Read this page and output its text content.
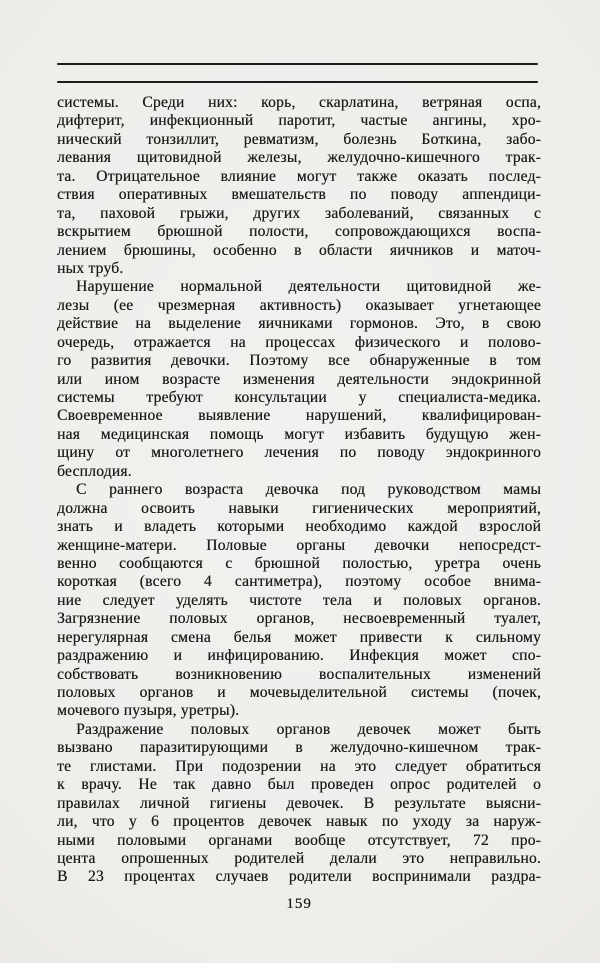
системы. Среди них: корь, скарлатина, ветряная оспа,
дифтерит, инфекционный паротит, частые ангины, хро-
нический тонзиллит, ревматизм, болезнь Боткина, забо-
левания щитовидной железы, желудочно-кишечного трак-
та. Отрицательное влияние могут также оказать послед-
ствия оперативных вмешательств по поводу аппендици-
та, паховой грыжи, других заболеваний, связанных с
вскрытием брюшной полости, сопровождающихся воспа-
лением брюшины, особенно в области яичников и маточ-
ных труб.
Нарушение нормальной деятельности щитовидной же-
лезы (ее чрезмерная активность) оказывает угнетающее
действие на выделение яичниками гормонов. Это, в свою
очередь, отражается на процессах физического и полово-
го развития девочки. Поэтому все обнаруженные в том
или ином возрасте изменения деятельности эндокринной
системы требуют консультации у специалиста-медика.
Своевременное выявление нарушений, квалифицирован-
ная медицинская помощь могут избавить будущую жен-
щину от многолетнего лечения по поводу эндокринного
бесплодия.
С раннего возраста девочка под руководством мамы
должна освоить навыки гигиенических мероприятий,
знать и владеть которыми необходимо каждой взрослой
женщине-матери. Половые органы девочки непосредст-
венно сообщаются с брюшной полостью, уретра очень
короткая (всего 4 сантиметра), поэтому особое внима-
ние следует уделять чистоте тела и половых органов.
Загрязнение половых органов, несвоевременный туалет,
нерегулярная смена белья может привести к сильному
раздражению и инфицированию. Инфекция может спо-
собствовать возникновению воспалительных изменений
половых органов и мочевыделительной системы (почек,
мочевого пузыря, уретры).
Раздражение половых органов девочек может быть
вызвано паразитирующими в желудочно-кишечном трак-
те глистами. При подозрении на это следует обратиться
к врачу. Не так давно был проведен опрос родителей о
правилах личной гигиены девочек. В результате выясни-
ли, что у 6 процентов девочек навык по уходу за наруж-
ными половыми органами вообще отсутствует, 72 про-
цента опрошенных родителей делали это неправильно.
В 23 процентах случаев родители воспринимали раздра-
159
